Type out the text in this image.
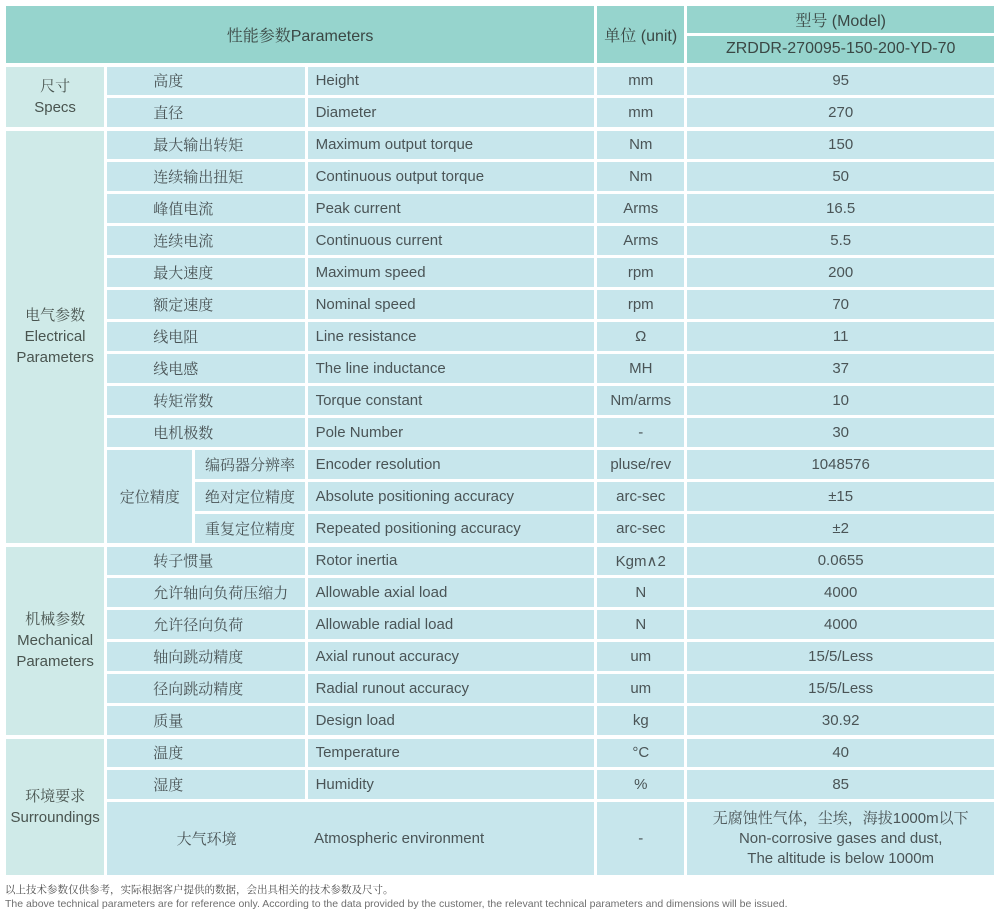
性能参数Parameters				单位 (unit)	型号 (Model)
					ZRDDR-270095-150-200-YD-70

尺寸
Specs	高度		Height	mm	95
	直径		Diameter	mm	270

电气参数
Electrical Parameters	最大输出转矩		Maximum output torque	Nm	150
	连续输出扭矩		Continuous output torque	Nm	50
	峰值电流		Peak current	Arms	16.5
	连续电流		Continuous current	Arms	5.5
	最大速度		Maximum speed	rpm	200
	额定速度		Nominal speed	rpm	70
	线电阻		Line resistance	Ω	11
	线电感		The line inductance	MH	37
	转矩常数		Torque constant	Nm/arms	10
	电机极数		Pole Number	-	30
	定位精度	编码器分辨率	Encoder resolution	pluse/rev	1048576
		绝对定位精度	Absolute positioning accuracy	arc-sec	±15
		重复定位精度	Repeated positioning accuracy	arc-sec	±2

机械参数
Mechanical Parameters	转子惯量		Rotor inertia	Kgm∧2	0.0655
	允许轴向负荷压缩力		Allowable axial load	N	4000
	允许径向负荷		Allowable radial load	N	4000
	轴向跳动精度		Axial runout accuracy	um	15/5/Less
	径向跳动精度		Radial runout accuracy	um	15/5/Less
	质量		Design load	kg	30.92

环境要求
Surroundings	温度		Temperature	°C	40
	湿度		Humidity	%	85
	大气环境		Atmospheric environment	-	无腐蚀性气体，尘埃，海拔1000m以下
Non-corrosive gases and dust,
The altitude is below 1000m
以上技术参数仅供参考，实际根据客户提供的数据，会出具相关的技术参数及尺寸。
The above technical parameters are for reference only. According to the data provided by the customer, the relevant technical parameters and dimensions will be issued.
